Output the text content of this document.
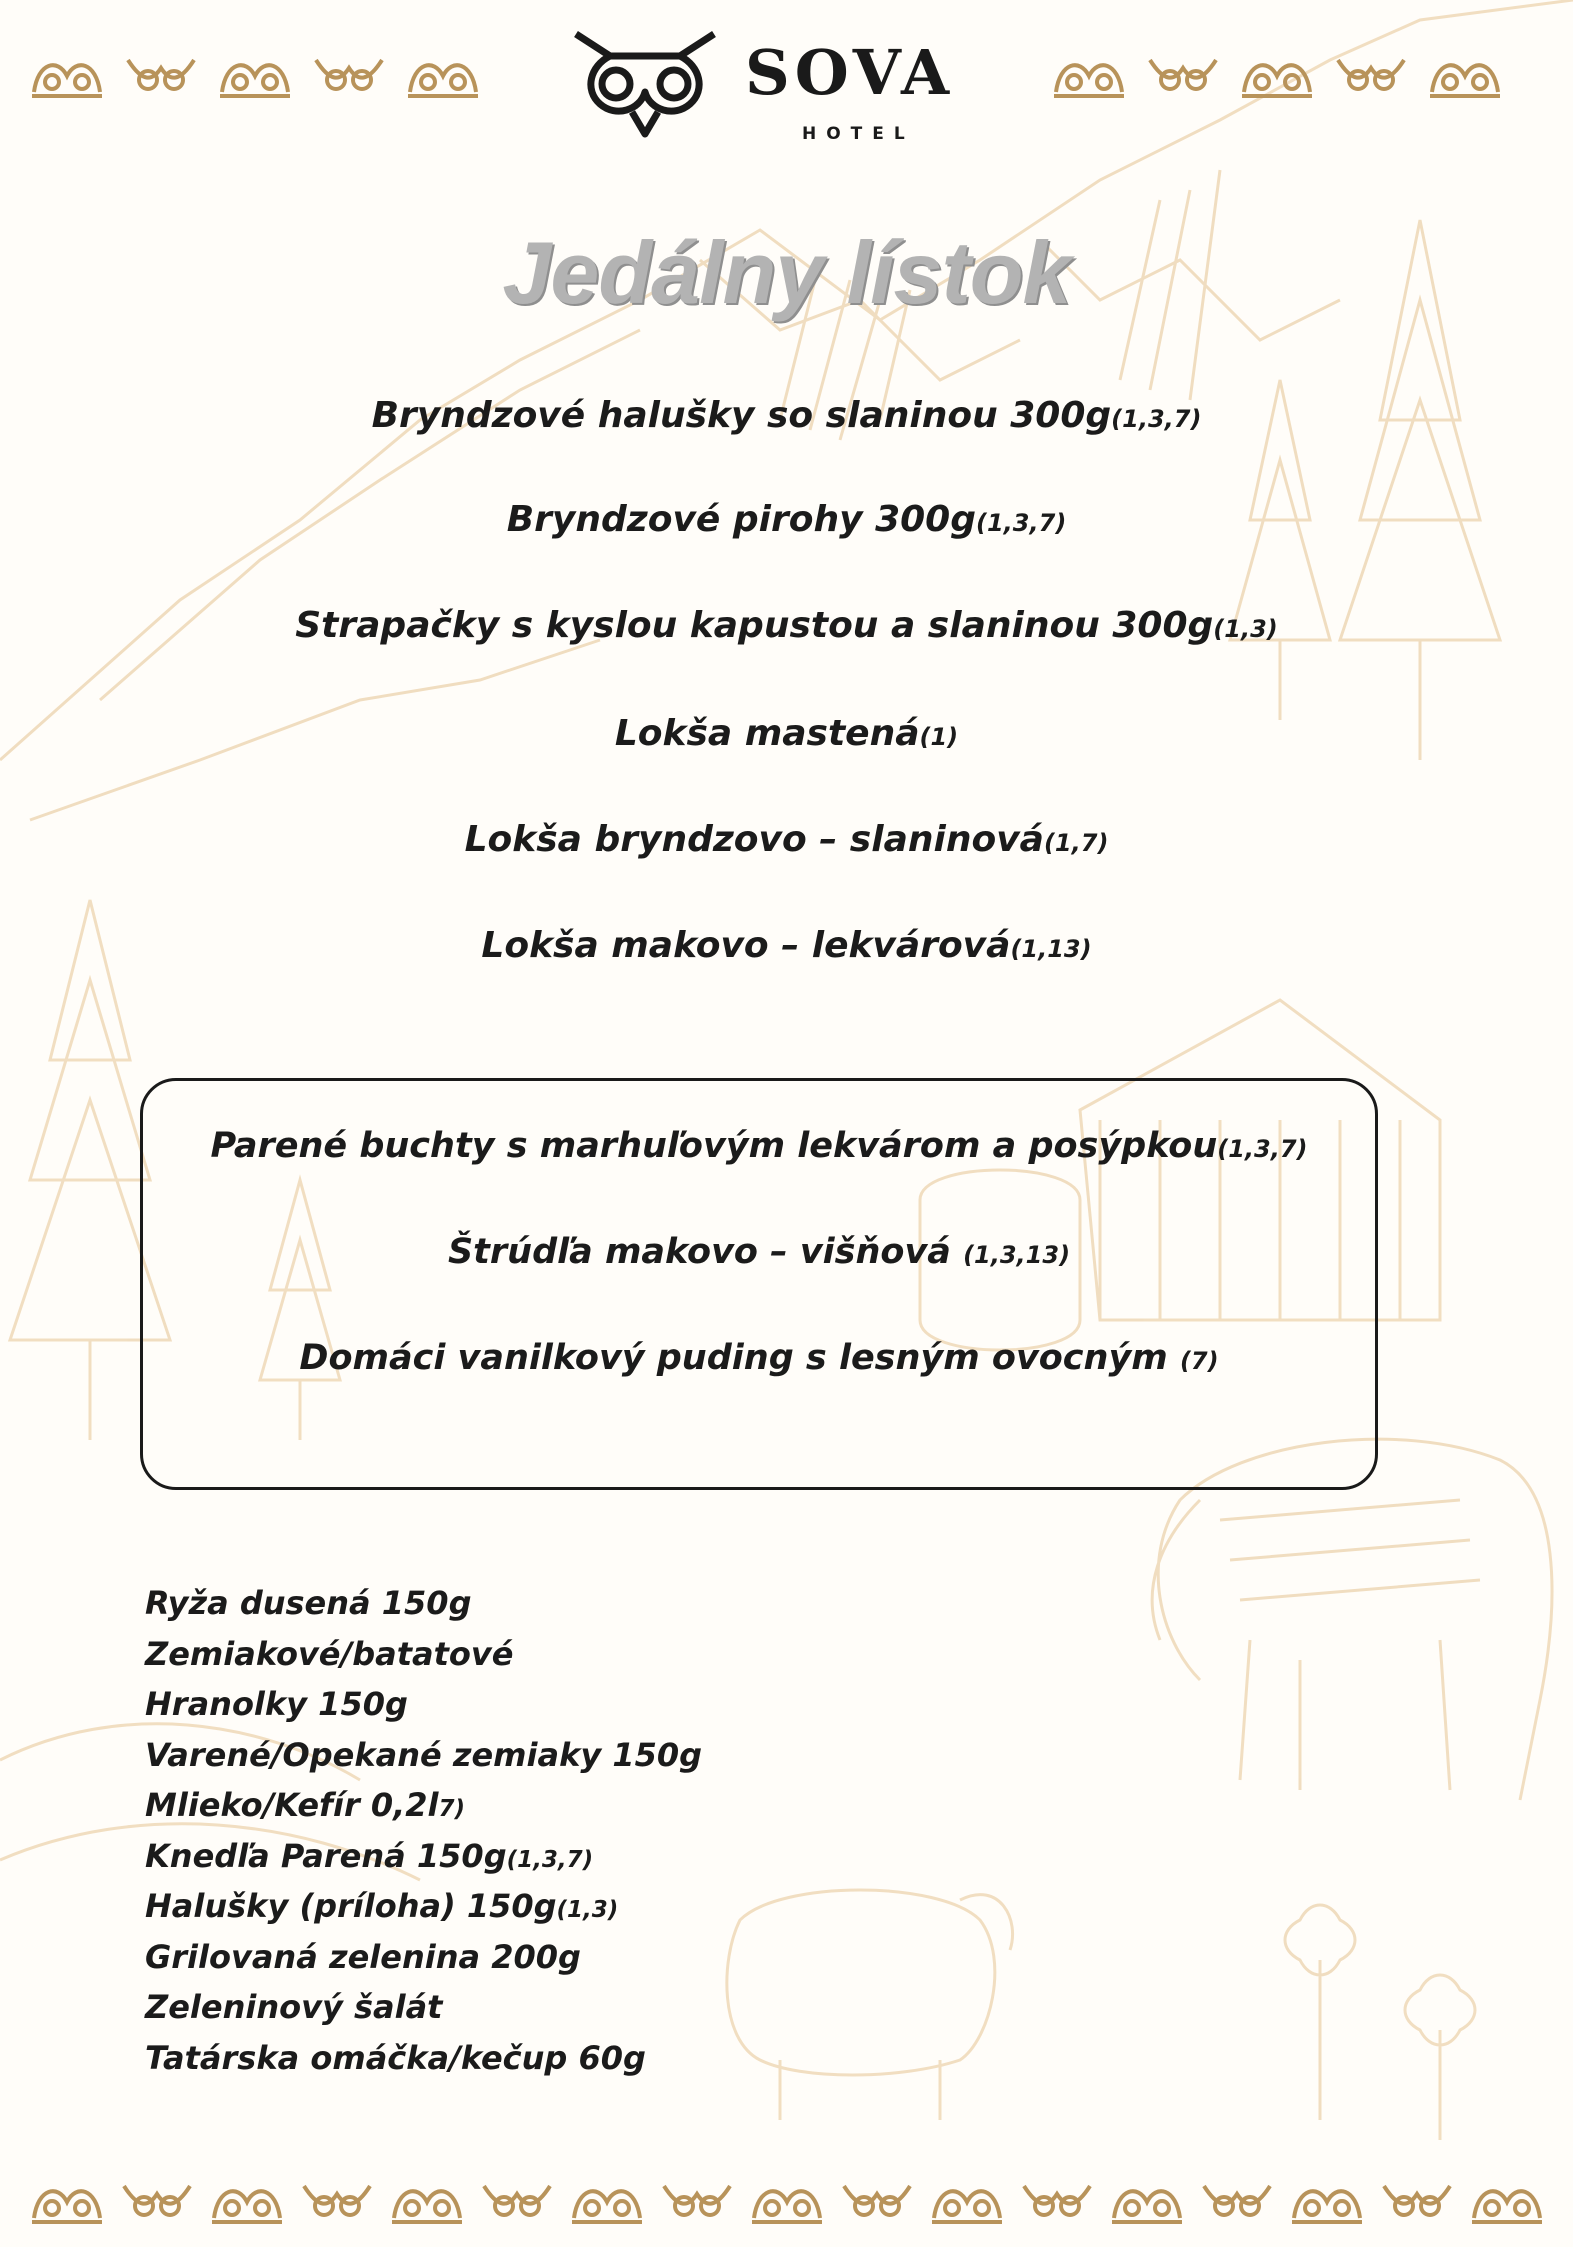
SOVA
HOTEL
Jedálny lístok
Bryndzové halušky so slaninou 300g(1,3,7)
Bryndzové pirohy 300g(1,3,7)
Strapačky s kyslou kapustou a slaninou 300g(1,3)
Lokša mastená(1)
Lokša bryndzovo – slaninová(1,7)
Lokša makovo – lekvárová(1,13)
Parené buchty s marhuľovým lekvárom a posýpkou(1,3,7)
Štrúdľa makovo – višňová (1,3,13)
Domáci vanilkový puding s lesným ovocným (7)
Ryža dusená 150g
Zemiakové/batatové
Hranolky 150g
Varené/Opekané zemiaky 150g
Mlieko/Kefír 0,2l7)
Knedľa Parená 150g(1,3,7)
Halušky (príloha) 150g(1,3)
Grilovaná zelenina 200g
Zeleninový šalát
Tatárska omáčka/kečup 60g
